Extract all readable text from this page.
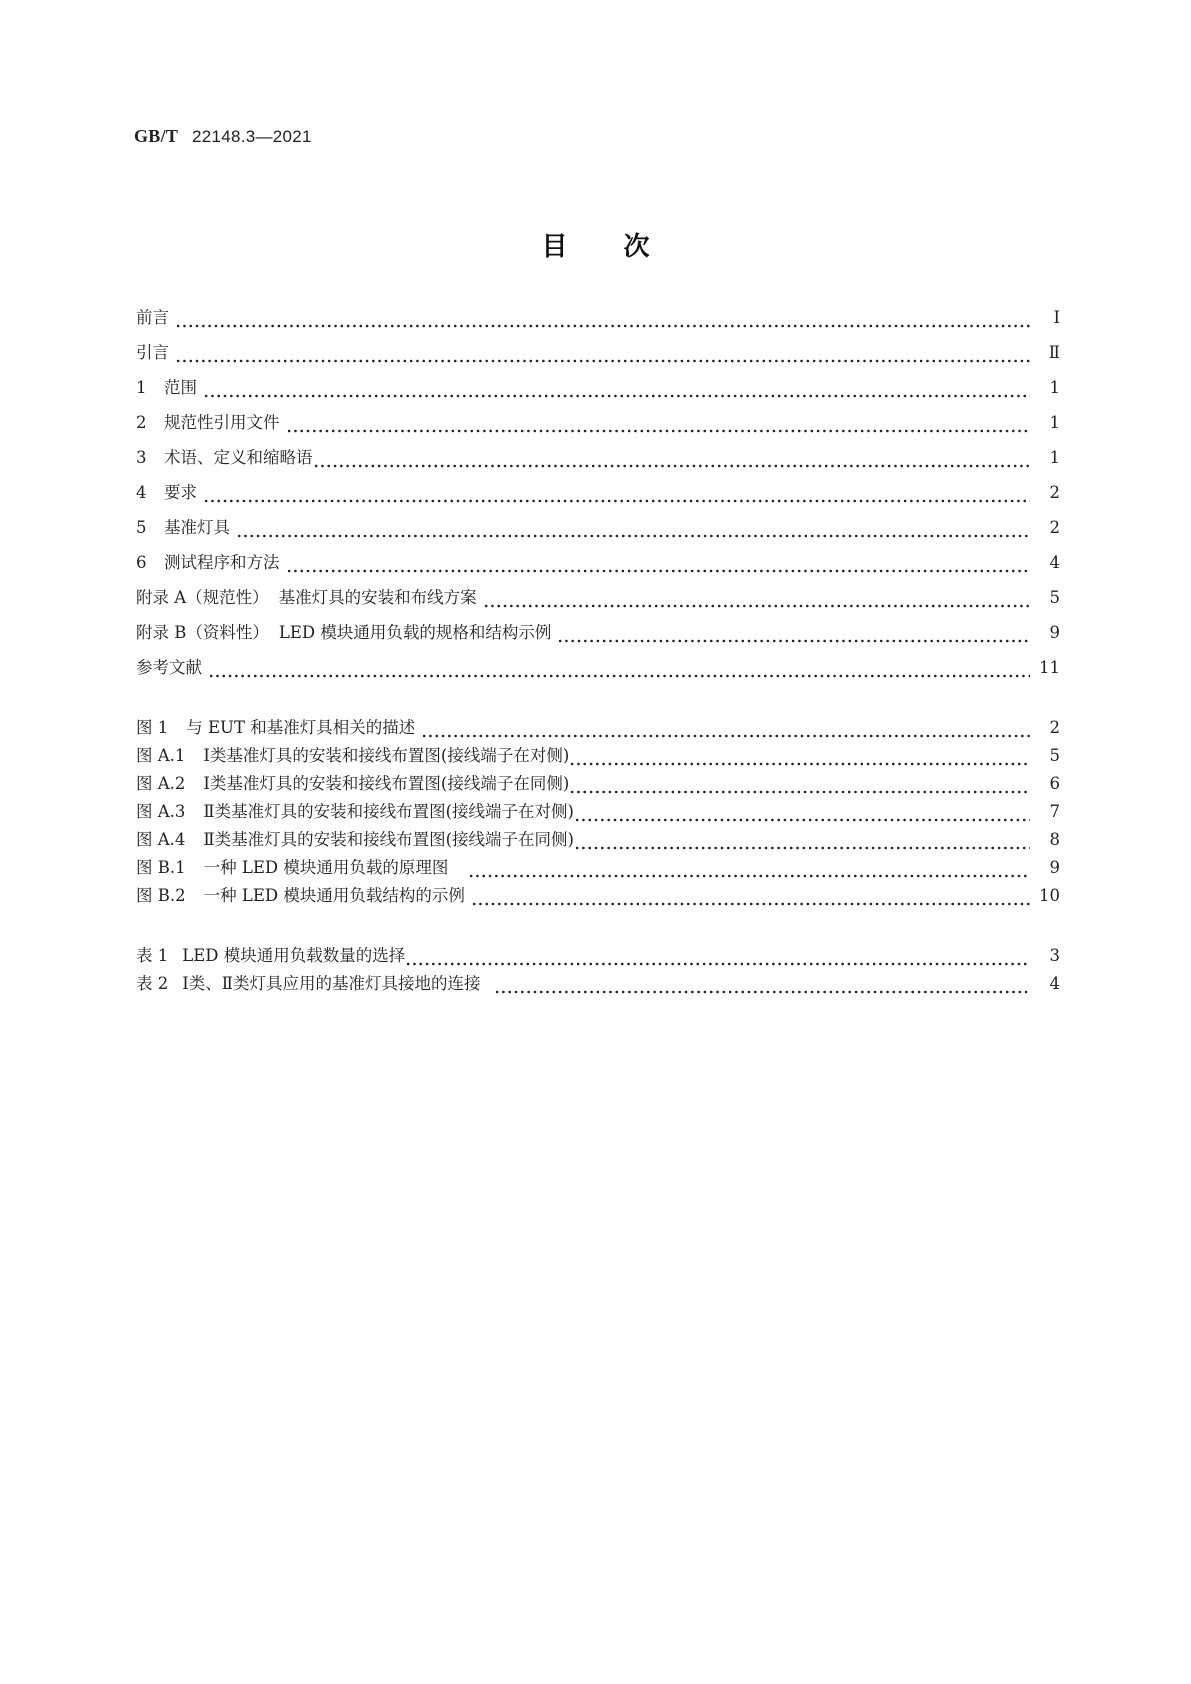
GB/T 22148.3—2021
目 次
前言	Ⅰ
引言	Ⅱ
1 范围	1
2 规范性引用文件	1
3 术语、定义和缩略语	1
4 要求	2
5 基准灯具	2
6 测试程序和方法	4
附录 A（规范性） 基准灯具的安装和布线方案	5
附录 B（资料性） LED 模块通用负载的规格和结构示例	9
参考文献	11
图 1 与 EUT 和基准灯具相关的描述	2
图 A.1 Ⅰ类基准灯具的安装和接线布置图(接线端子在对侧)	5
图 A.2 Ⅰ类基准灯具的安装和接线布置图(接线端子在同侧)	6
图 A.3 Ⅱ类基准灯具的安装和接线布置图(接线端子在对侧)	7
图 A.4 Ⅱ类基准灯具的安装和接线布置图(接线端子在同侧)	8
图 B.1 一种 LED 模块通用负载的原理图	9
图 B.2 一种 LED 模块通用负载结构的示例	10
表 1 LED 模块通用负载数量的选择	3
表 2 Ⅰ类、Ⅱ类灯具应用的基准灯具接地的连接	4
